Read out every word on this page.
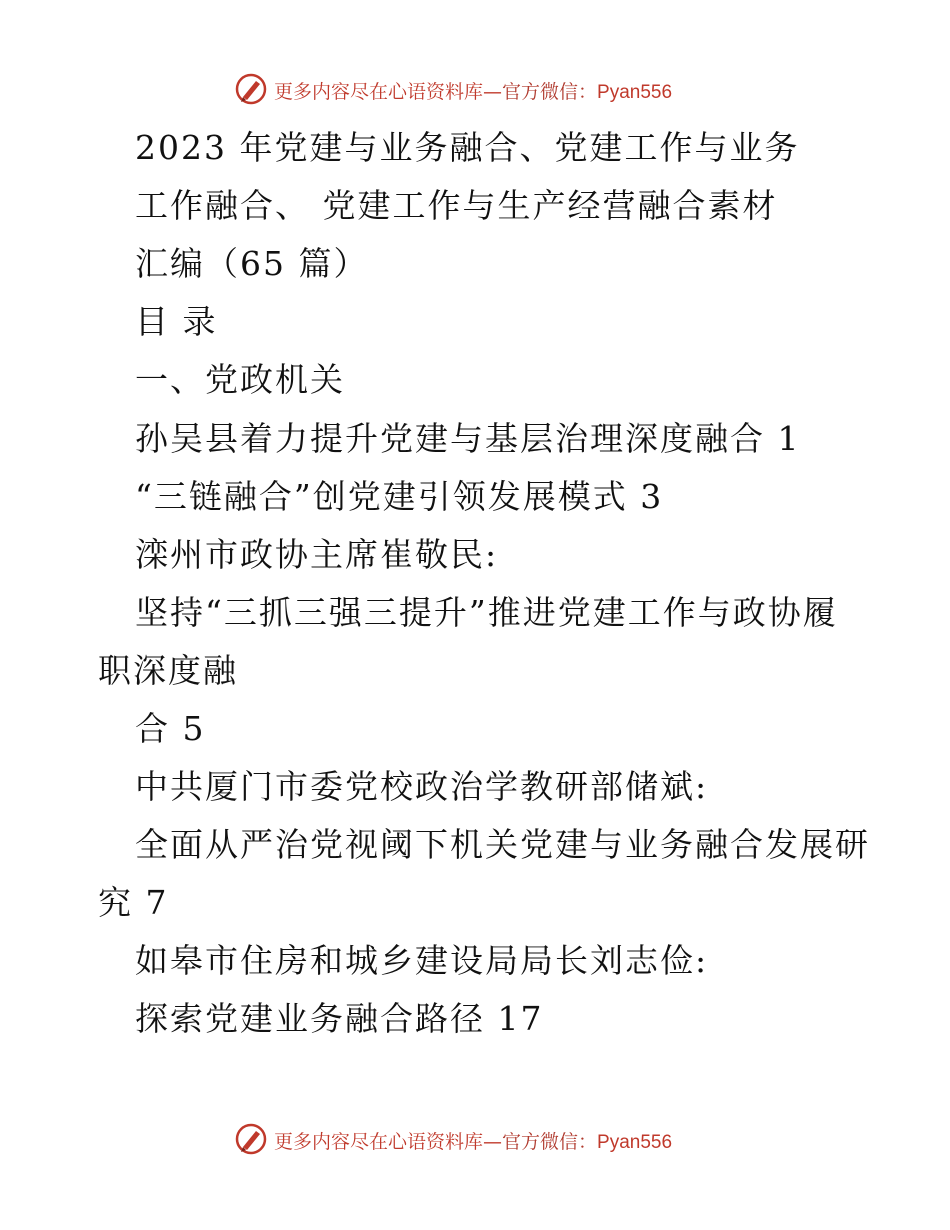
更多内容尽在心语资料库—官方微信：Pyan556
2023 年党建与业务融合、党建工作与业务
工作融合、 党建工作与生产经营融合素材
汇编（65 篇）
目 录
一、党政机关
孙吴县着力提升党建与基层治理深度融合 1
“三链融合”创党建引领发展模式 3
滦州市政协主席崔敬民:
坚持“三抓三强三提升”推进党建工作与政协履
职深度融
合 5
中共厦门市委党校政治学教研部储斌:
全面从严治党视阈下机关党建与业务融合发展研
究 7
如皋市住房和城乡建设局局长刘志俭:
探索党建业务融合路径 17
更多内容尽在心语资料库—官方微信：Pyan556
